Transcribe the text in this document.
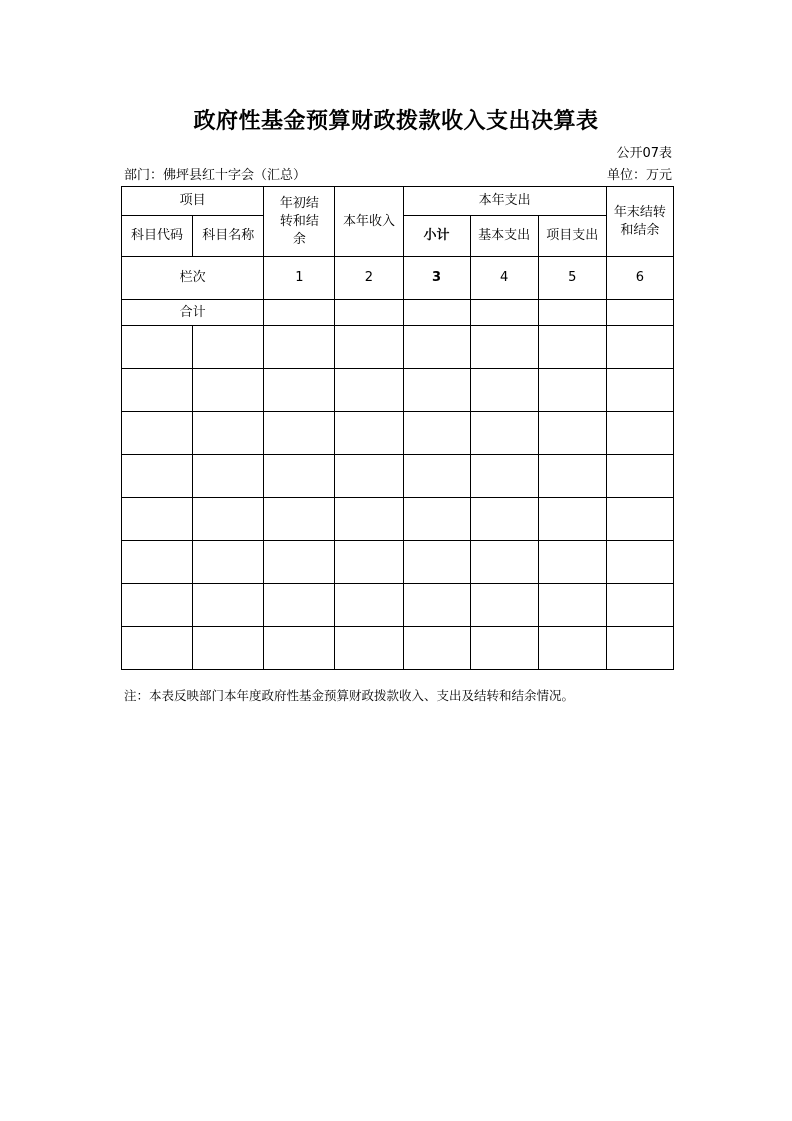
政府性基金预算财政拨款收入支出决算表
公开07表
部门：佛坪县红十字会（汇总）	单位：万元
项目		年初结转和结余	本年收入	本年支出			年末结转和结余

科目代码	科目名称			小计	基本支出	项目支出	
栏次		1	2	3	4	5	6
合计							

注：本表反映部门本年度政府性基金预算财政拨款收入、支出及结转和结余情况。
